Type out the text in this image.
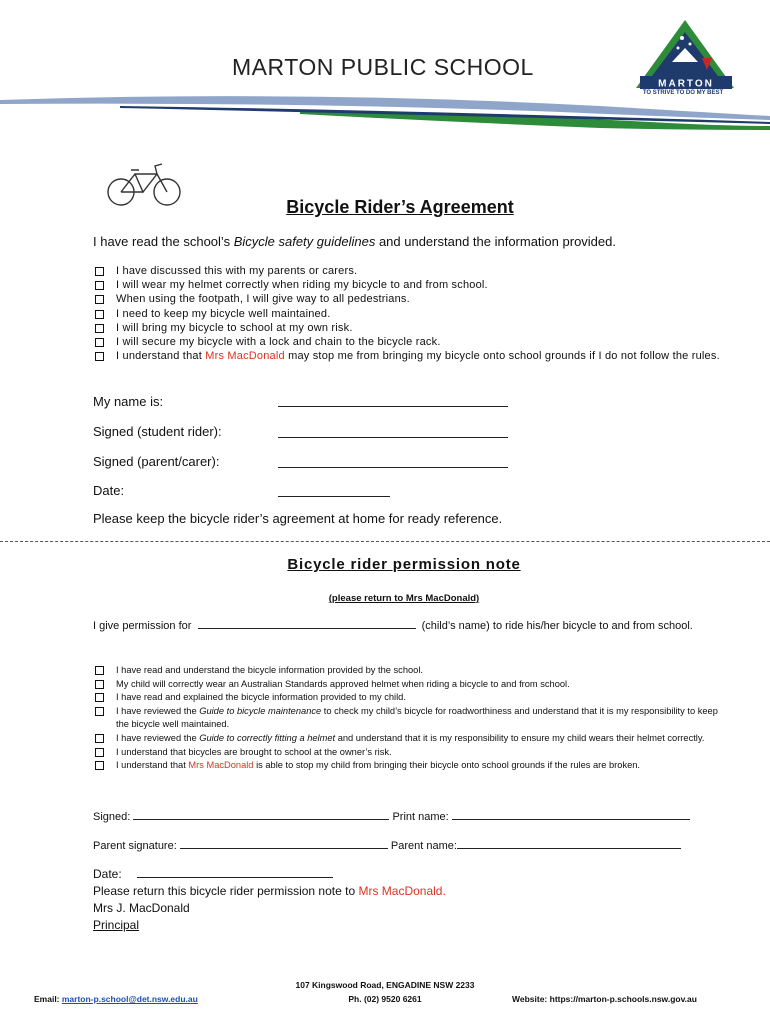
MARTON PUBLIC SCHOOL
MARTON
TO STRIVE TO DO MY BEST
Bicycle Rider’s Agreement
I have read the school’s Bicycle safety guidelines and understand the information provided.
I have discussed this with my parents or carers.
I will wear my helmet correctly when riding my bicycle to and from school.
When using the footpath, I will give way to all pedestrians.
I need to keep my bicycle well maintained.
I will bring my bicycle to school at my own risk.
I will secure my bicycle with a lock and chain to the bicycle rack.
I understand that Mrs MacDonald may stop me from bringing my bicycle onto school grounds if I do not follow the rules.
My name is:
Signed (student rider):
Signed (parent/carer):
Date:
Please keep the bicycle rider’s agreement at home for ready reference.
Bicycle rider permission note
(please return to Mrs MacDonald)
I give permission for	(child’s name) to ride his/her bicycle to and from school.
I have read and understand the bicycle information provided by the school.
My child will correctly wear an Australian Standards approved helmet when riding a bicycle to and from school.
I have read and explained the bicycle information provided to my child.
I have reviewed the Guide to bicycle maintenance to check my child’s bicycle for roadworthiness and understand that it is my responsibility to keep the bicycle well maintained.
I have reviewed the Guide to correctly fitting a helmet and understand that it is my responsibility to ensure my child wears their helmet correctly.
I understand that bicycles are brought to school at the owner’s risk.
I understand that Mrs MacDonald is able to stop my child from bringing their bicycle onto school grounds if the rules are broken.
Signed:	Print name:
Parent signature:	Parent name:
Date:
Please return this bicycle rider permission note to Mrs MacDonald.
Mrs J. MacDonald
Principal
107 Kingswood Road, ENGADINE NSW 2233
Email: marton-p.school@det.nsw.edu.au	Ph. (02) 9520 6261	Website: https://marton-p.schools.nsw.gov.au
